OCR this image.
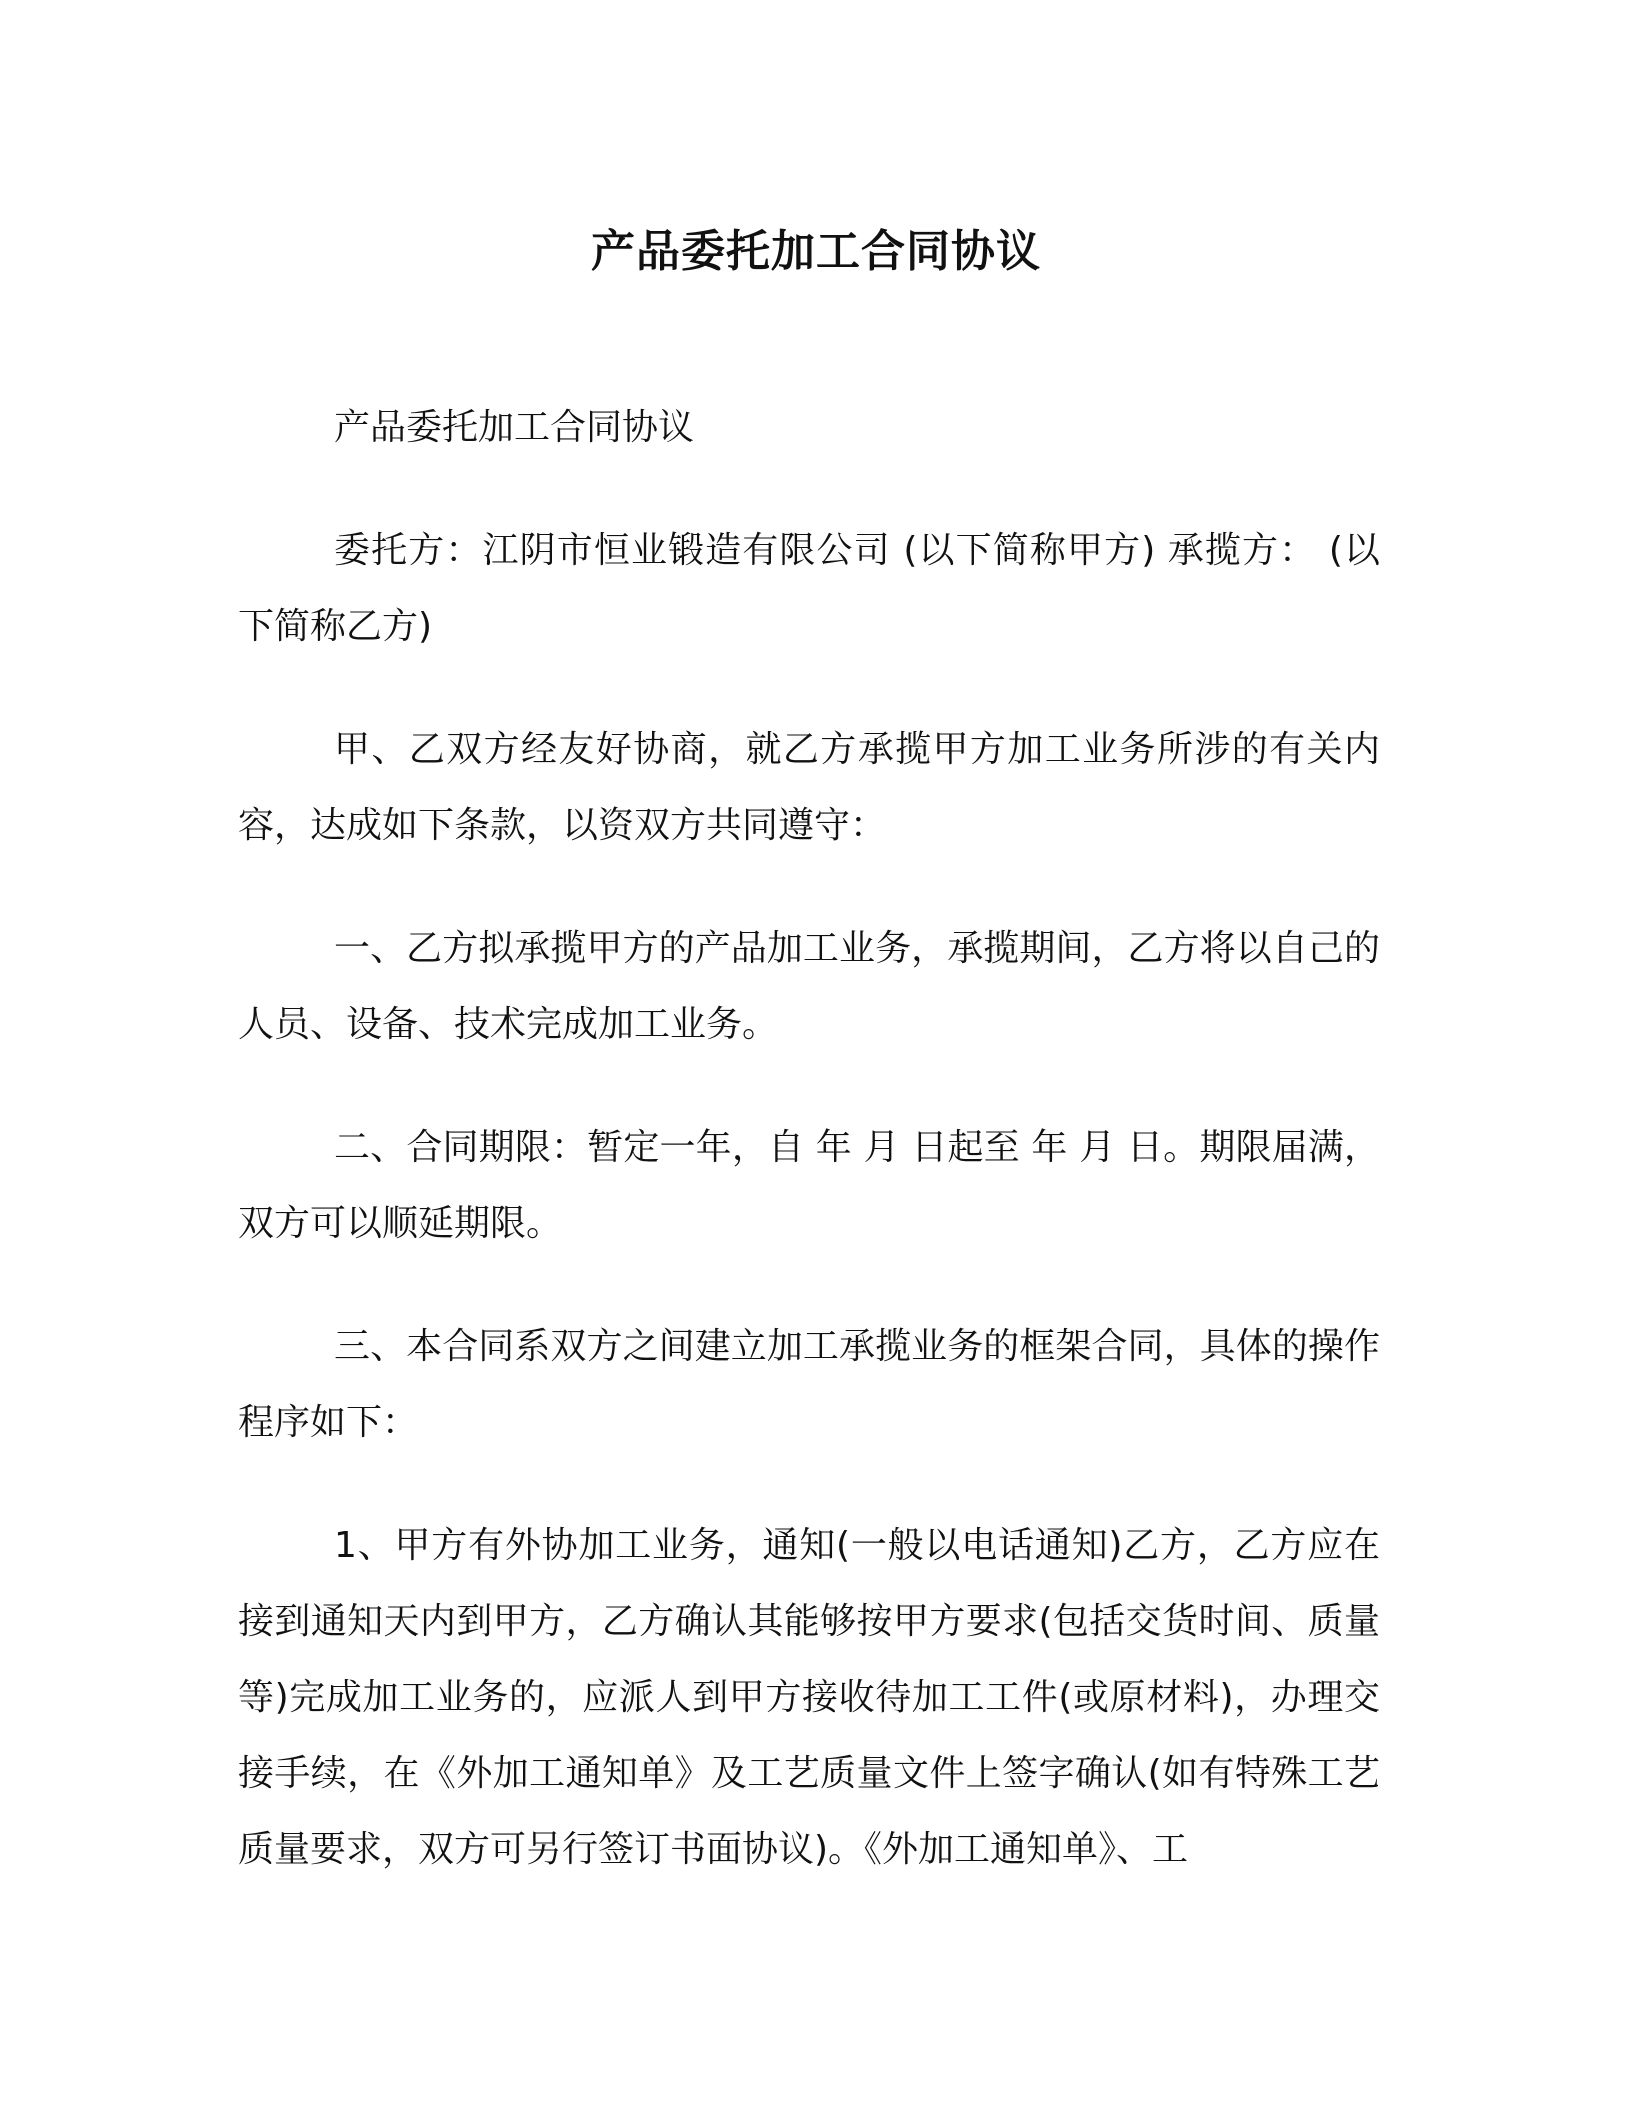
产品委托加工合同协议

产品委托加工合同协议

委托方：江阴市恒业锻造有限公司 (以下简称甲方) 承揽方： (以下简称乙方)

甲、乙双方经友好协商，就乙方承揽甲方加工业务所涉的有关内容，达成如下条款，以资双方共同遵守：

一、乙方拟承揽甲方的产品加工业务，承揽期间，乙方将以自己的人员、设备、技术完成加工业务。

二、合同期限：暂定一年，自 年 月 日起至 年 月 日。期限届满，双方可以顺延期限。

三、本合同系双方之间建立加工承揽业务的框架合同，具体的操作程序如下：

1、甲方有外协加工业务，通知(一般以电话通知)乙方，乙方应在接到通知天内到甲方，乙方确认其能够按甲方要求(包括交货时间、质量等)完成加工业务的，应派人到甲方接收待加工工件(或原材料)，办理交接手续，在《外加工通知单》及工艺质量文件上签字确认(如有特殊工艺质量要求，双方可另行签订书面协议)。《外加工通知单》、工
